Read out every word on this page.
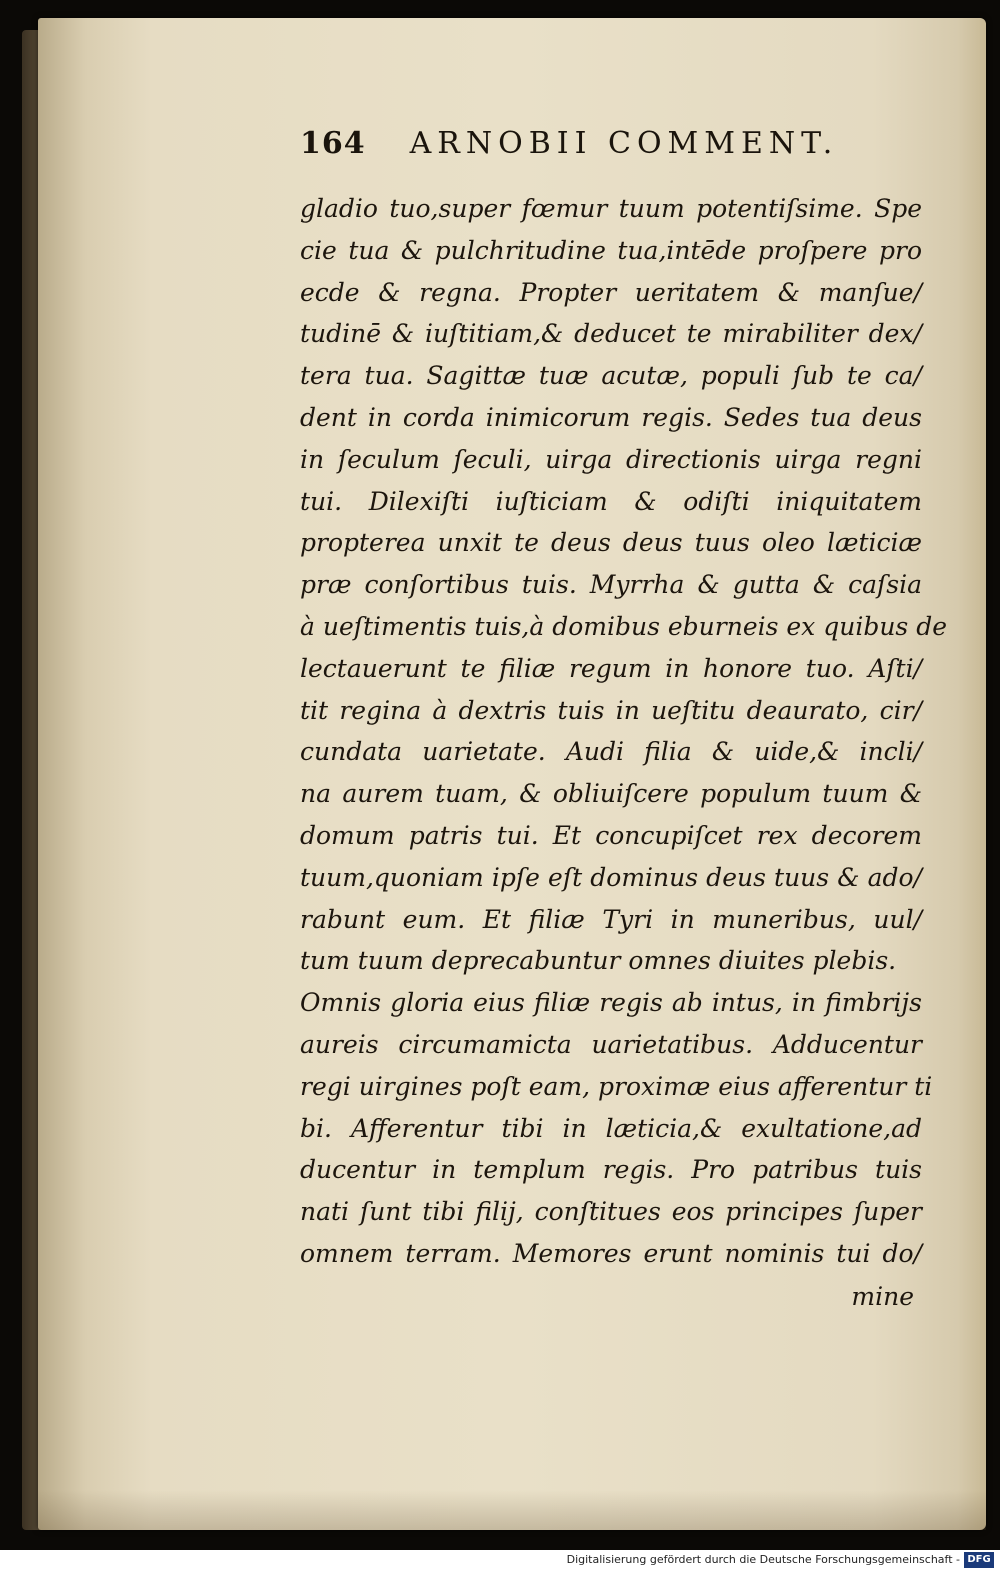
164 ARNOBII COMMENT.
gladio tuo,super fœmur tuum potentiſsime. Spe
cie tua & pulchritudine tua,intēde proſpere pro
ecde & regna. Propter ueritatem & manſue/
tudinē & iuſtitiam,& deducet te mirabiliter dex/
tera tua. Sagittæ tuæ acutæ, populi ſub te ca/
dent in corda inimicorum regis. Sedes tua deus
in ſeculum ſeculi, uirga directionis uirga regni
tui. Dilexiſti iuſticiam & odiſti iniquitatem
propterea unxit te deus deus tuus oleo læticiæ
præ conſortibus tuis. Myrrha & gutta & caſsia
à ueſtimentis tuis,à domibus eburneis ex quibus de
lectauerunt te filiæ regum in honore tuo. Aſti/
tit regina à dextris tuis in ueſtitu deaurato, cir/
cundata uarietate. Audi filia & uide,& incli/
na aurem tuam, & obliuiſcere populum tuum &
domum patris tui. Et concupiſcet rex decorem
tuum,quoniam ipſe eſt dominus deus tuus & ado/
rabunt eum. Et filiæ Tyri in muneribus, uul/
tum tuum deprecabuntur omnes diuites plebis.
Omnis gloria eius filiæ regis ab intus, in fimbrijs
aureis circumamicta uarietatibus. Adducentur
regi uirgines poſt eam, proximæ eius afferentur ti
bi. Afferentur tibi in læticia,& exultatione,ad
ducentur in templum regis. Pro patribus tuis
nati ſunt tibi filij, conſtitues eos principes ſuper
omnem terram. Memores erunt nominis tui do/
mine
Digitalisierung gefördert durch die Deutsche Forschungsgemeinschaft - DFG
